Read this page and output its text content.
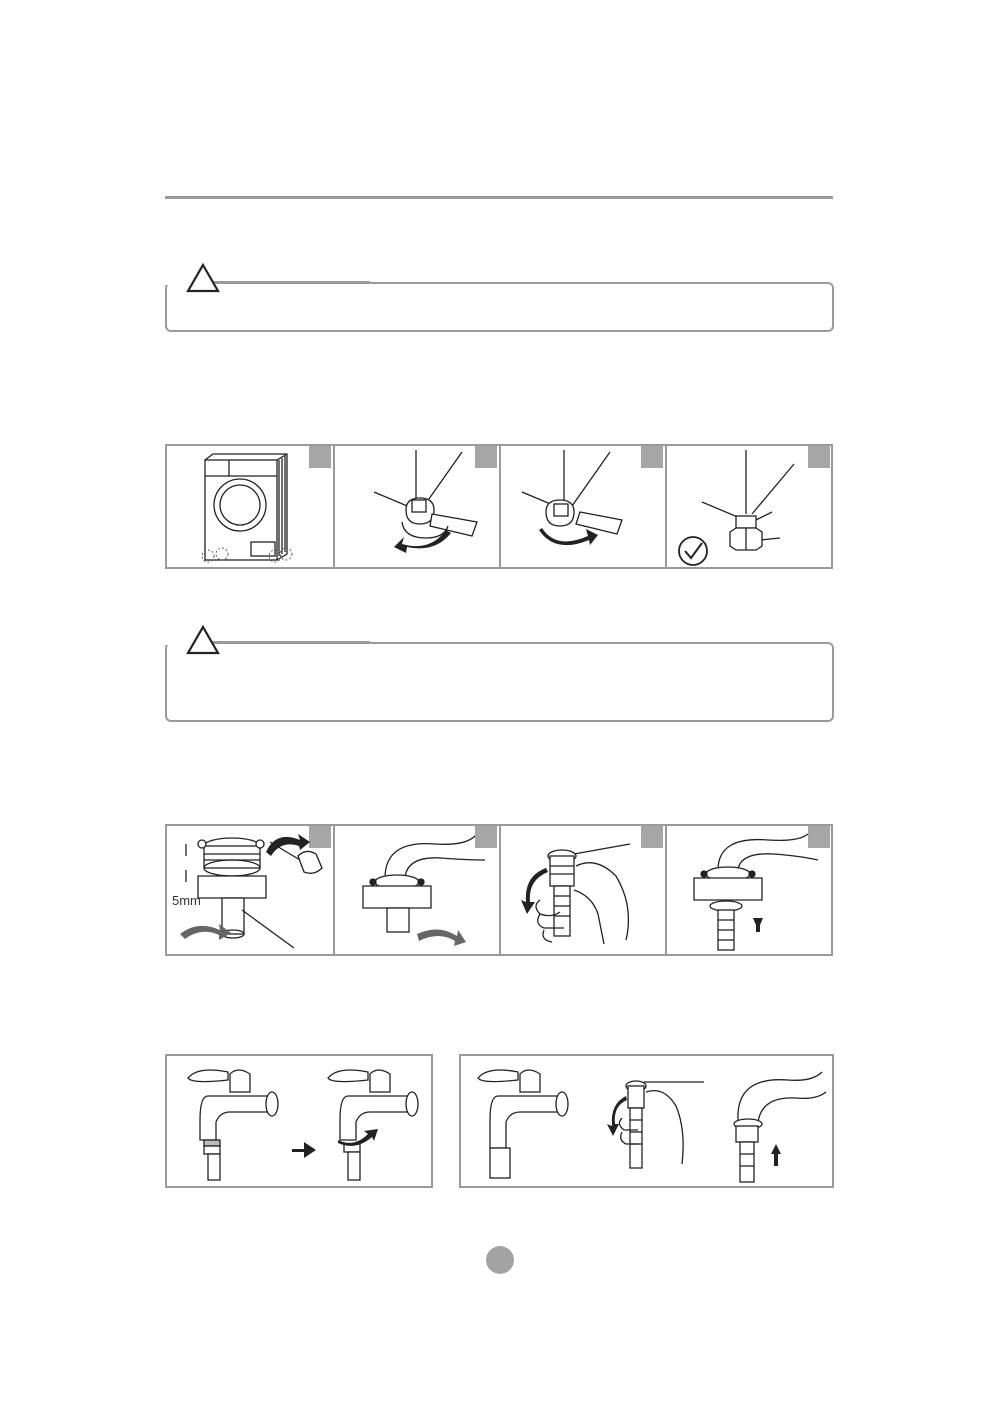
5mm
